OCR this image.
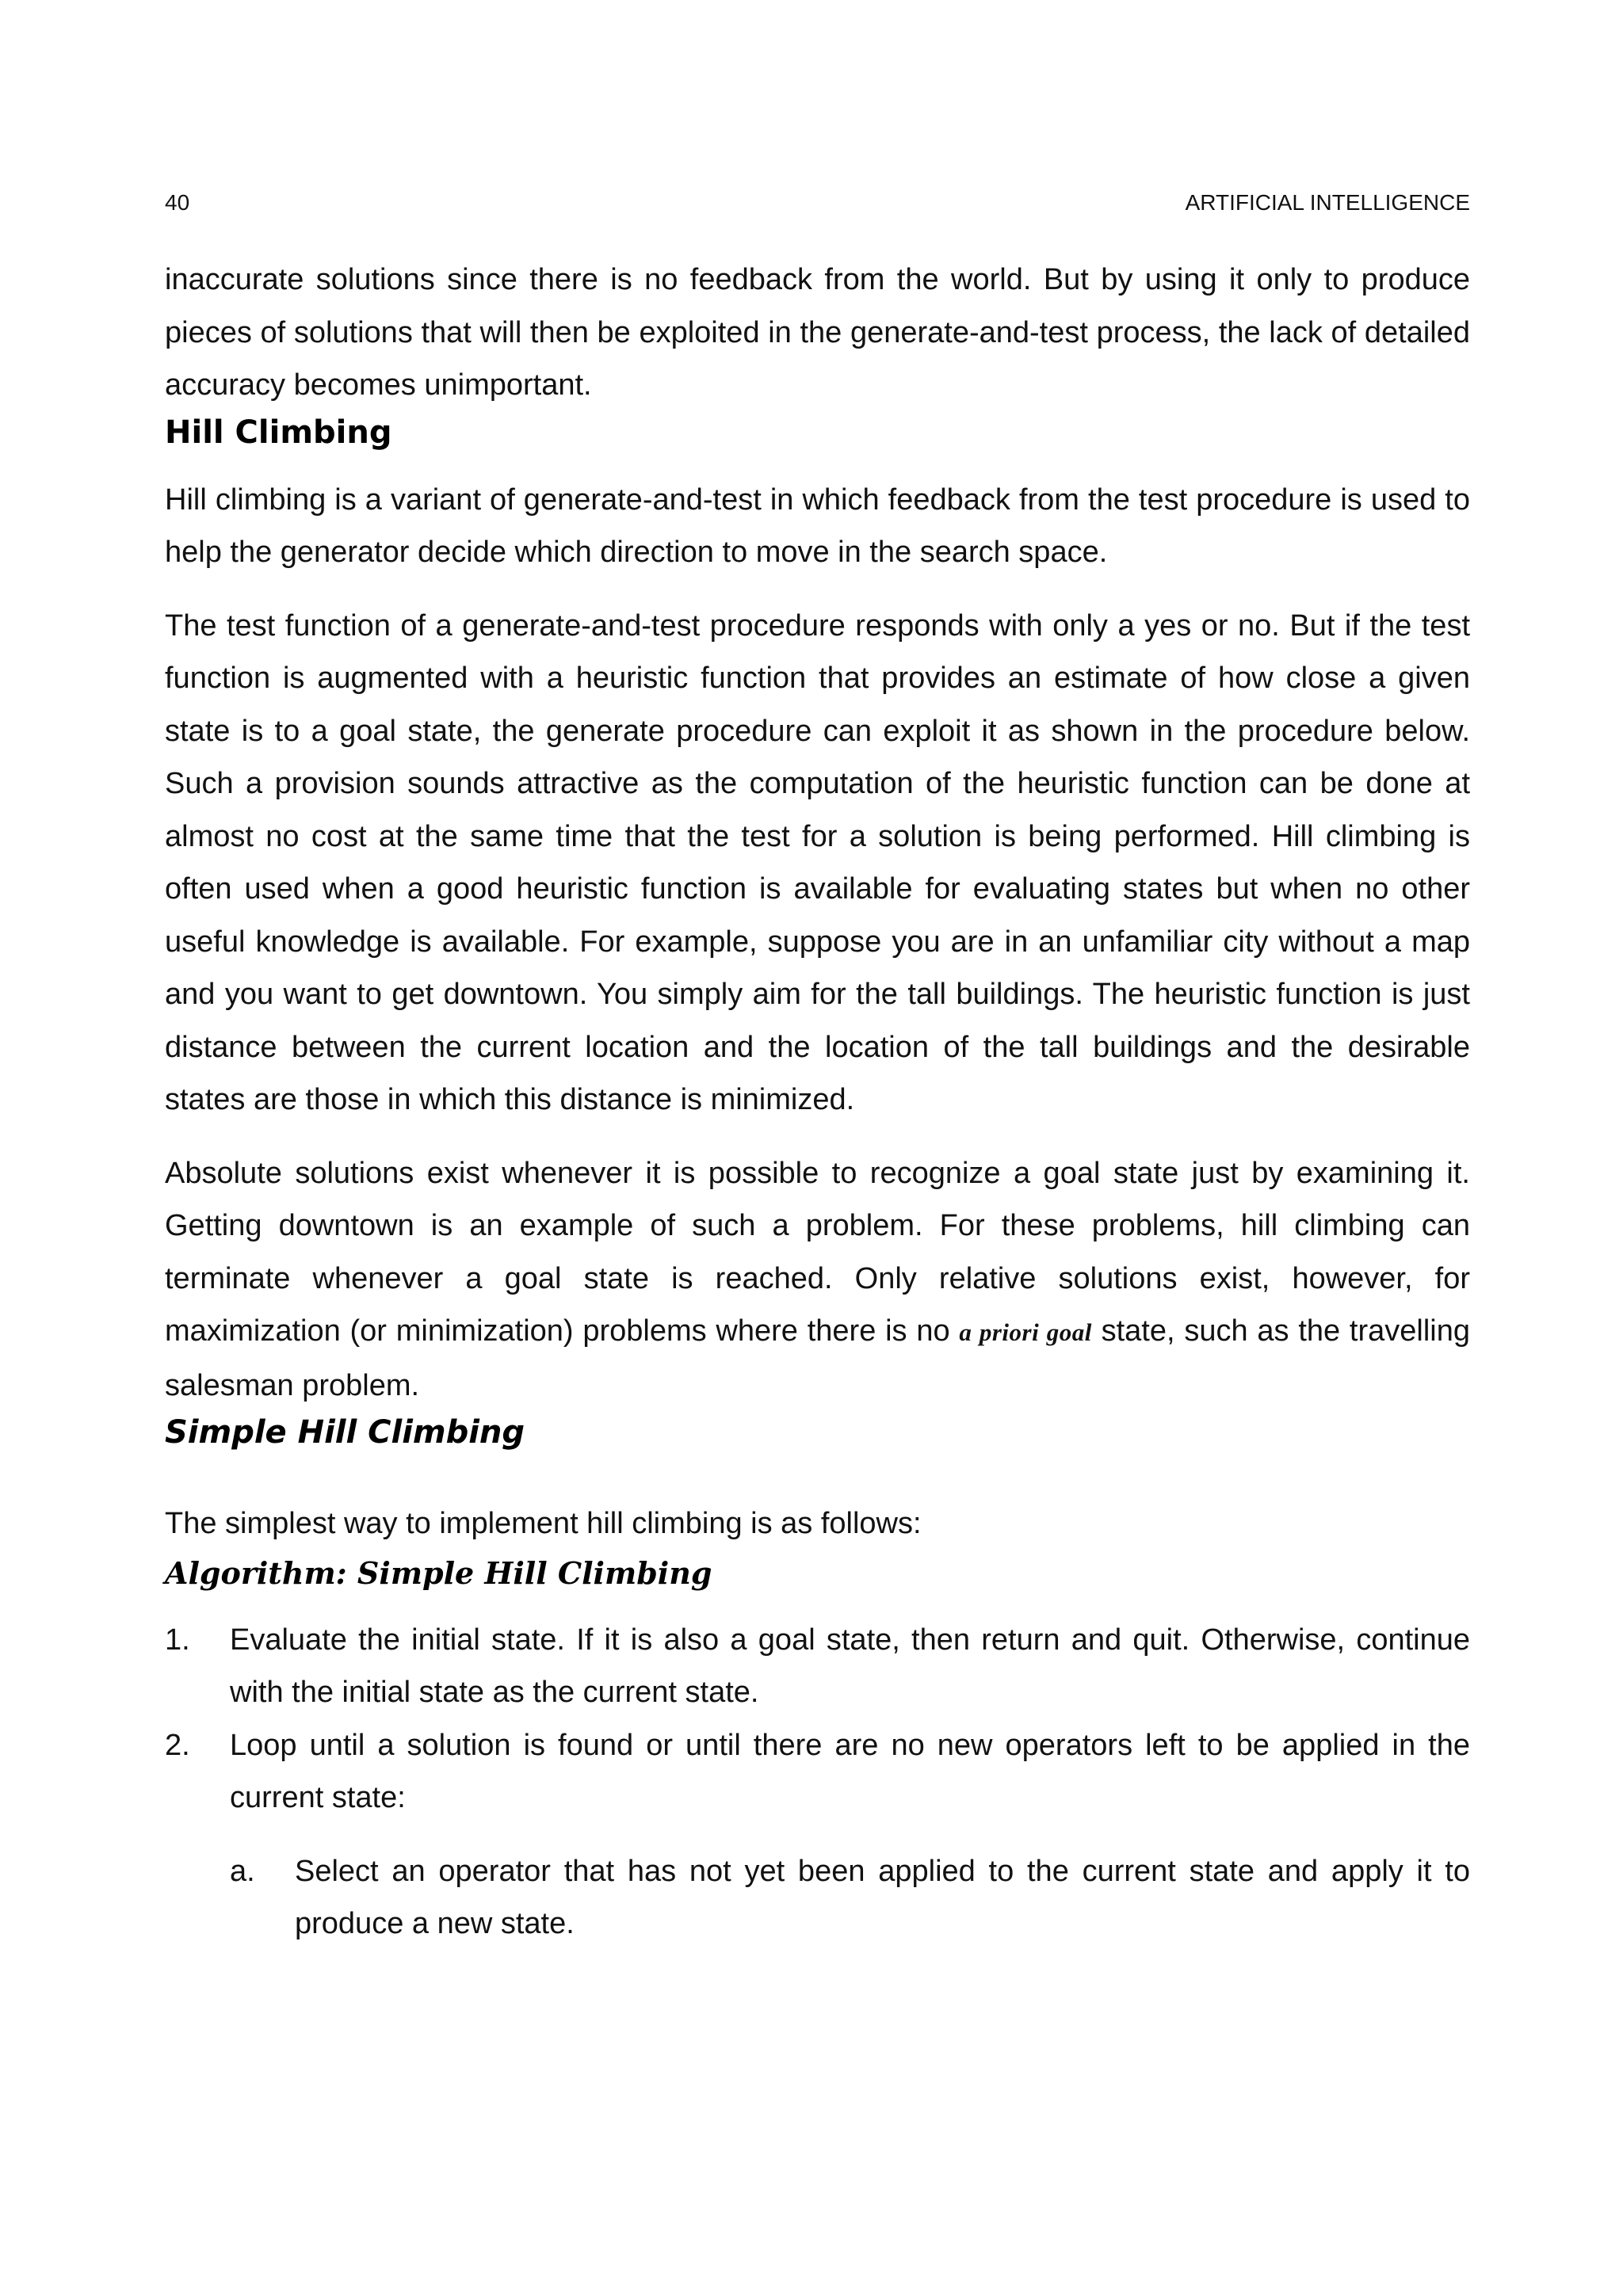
40	ARTIFICIAL INTELLIGENCE

inaccurate solutions since there is no feedback from the world. But by using it only to produce pieces of solutions that will then be exploited in the generate-and-test process, the lack of detailed accuracy becomes unimportant.

Hill Climbing

Hill climbing is a variant of generate-and-test in which feedback from the test procedure is used to help the generator decide which direction to move in the search space.

The test function of a generate-and-test procedure responds with only a yes or no. But if the test function is augmented with a heuristic function that provides an estimate of how close a given state is to a goal state, the generate procedure can exploit it as shown in the procedure below. Such a provision sounds attractive as the computation of the heuristic function can be done at almost no cost at the same time that the test for a solution is being performed. Hill climbing is often used when a good heuristic function is available for evaluating states but when no other useful knowledge is available. For example, suppose you are in an unfamiliar city without a map and you want to get downtown. You simply aim for the tall buildings. The heuristic function is just distance between the current location and the location of the tall buildings and the desirable states are those in which this distance is minimized.

Absolute solutions exist whenever it is possible to recognize a goal state just by examining it. Getting downtown is an example of such a problem. For these problems, hill climbing can terminate whenever a goal state is reached. Only relative solutions exist, however, for maximization (or minimization) problems where there is no a priori goal state, such as the travelling salesman problem.

Simple Hill Climbing

The simplest way to implement hill climbing is as follows:

Algorithm: Simple Hill Climbing
1.	Evaluate the initial state. If it is also a goal state, then return and quit. Otherwise, continue with the initial state as the current state.
2.	Loop until a solution is found or until there are no new operators left to be applied in the current state:
a.	Select an operator that has not yet been applied to the current state and apply it to produce a new state.
